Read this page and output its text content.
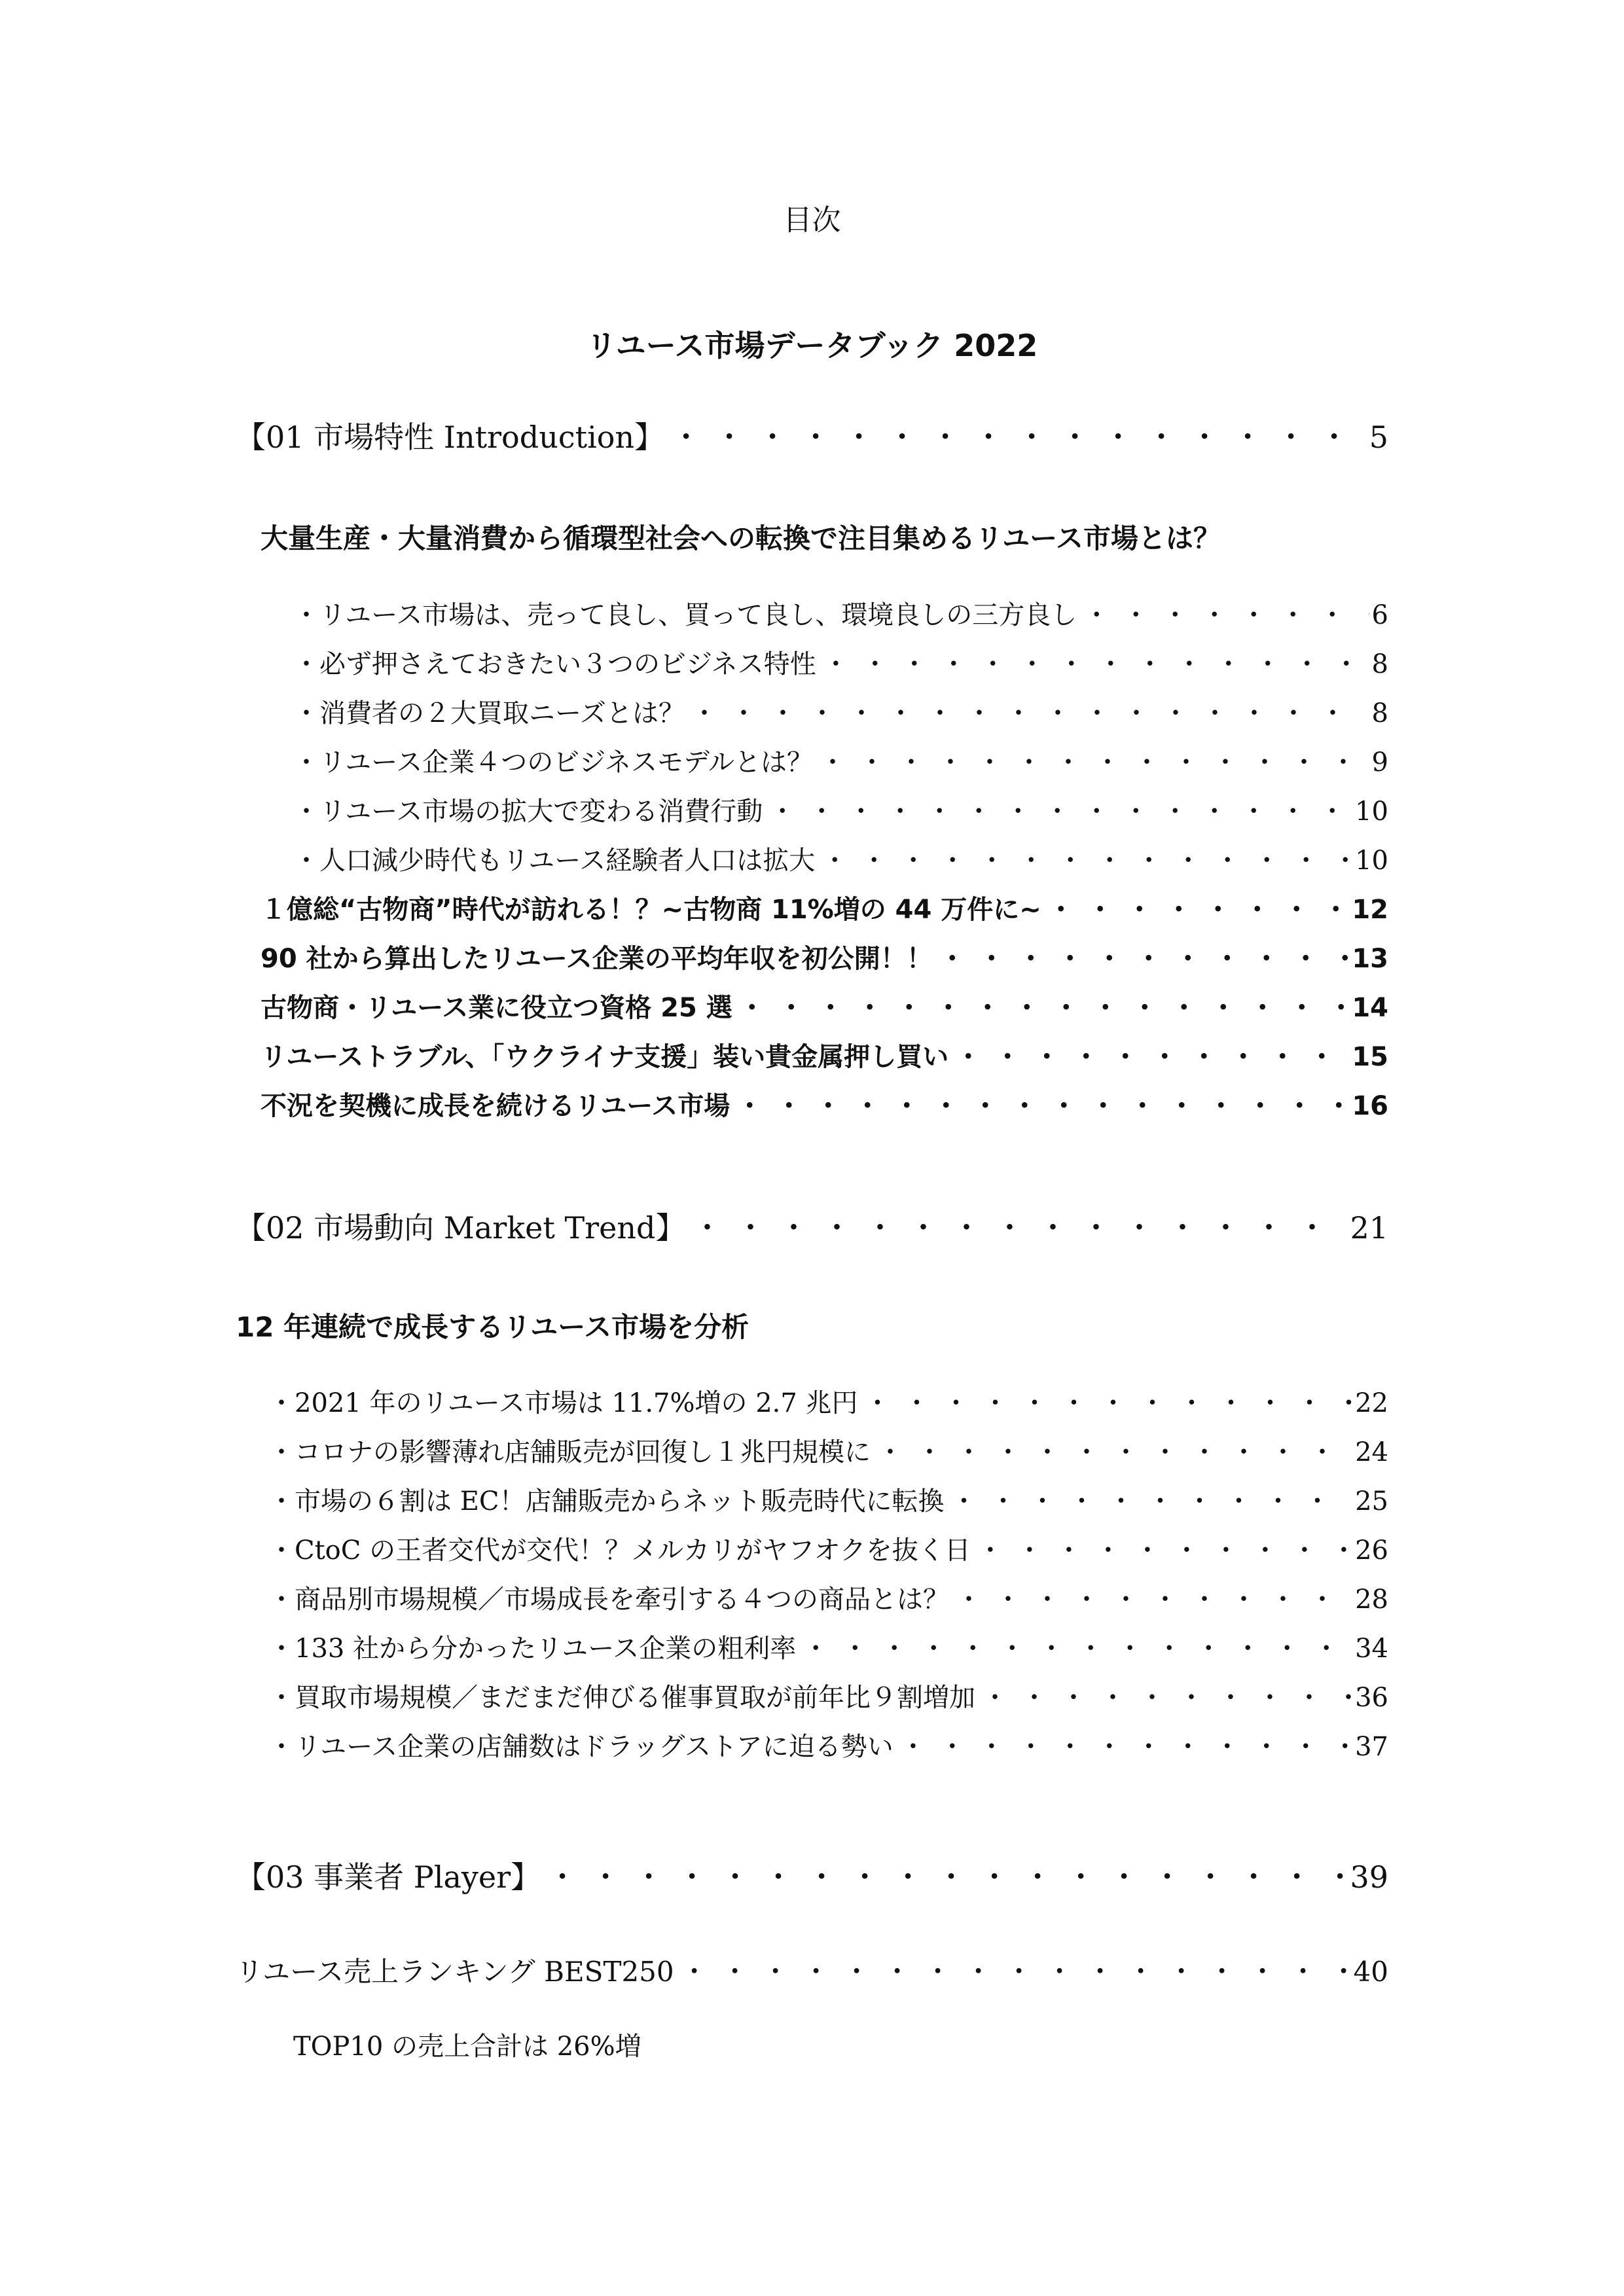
目次
リユース市場データブック 2022
【01 市場特性 Introduction】 ・・・・・・・・・・・・・・・・・・・・・・・・・・・・・・・・・・・・・・・・・・・・・・・・・・・・・・・・・・・・・・・・・・・・・・・・	5
大量生産・大量消費から循環型社会への転換で注目集めるリユース市場とは？
・リユース市場は、売って良し、買って良し、環境良しの三方良し ・・・・・・・・・・・・・・・・・・・・・・・・・・・・・・・・・・・・・・・・・・・・・・・・・・・・・・・・・・・・・・・・・・・・・・・・	6
・必ず押さえておきたい３つのビジネス特性 ・・・・・・・・・・・・・・・・・・・・・・・・・・・・・・・・・・・・・・・・・・・・・・・・・・・・・・・・・・・・・・・・・・・・・・・・	8
・消費者の２大買取ニーズとは？ ・・・・・・・・・・・・・・・・・・・・・・・・・・・・・・・・・・・・・・・・・・・・・・・・・・・・・・・・・・・・・・・・・・・・・・・・	8
・リユース企業４つのビジネスモデルとは？ ・・・・・・・・・・・・・・・・・・・・・・・・・・・・・・・・・・・・・・・・・・・・・・・・・・・・・・・・・・・・・・・・・・・・・・・・	9
・リユース市場の拡大で変わる消費行動 ・・・・・・・・・・・・・・・・・・・・・・・・・・・・・・・・・・・・・・・・・・・・・・・・・・・・・・・・・・・・・・・・・・・・・・・・	10
・人口減少時代もリユース経験者人口は拡大 ・・・・・・・・・・・・・・・・・・・・・・・・・・・・・・・・・・・・・・・・・・・・・・・・・・・・・・・・・・・・・・・・・・・・・・・・	10
１億総“古物商”時代が訪れる！？~古物商 11%増の 44 万件に~ ・・・・・・・・・・・・・・・・・・・・・・・・・・・・・・・・・・・・・・・・・・・・・・・・・・・・・・・・・・・・・・・・・・・・・・・・	12
90 社から算出したリユース企業の平均年収を初公開！！ ・・・・・・・・・・・・・・・・・・・・・・・・・・・・・・・・・・・・・・・・・・・・・・・・・・・・・・・・・・・・・・・・・・・・・・・・	13
古物商・リユース業に役立つ資格 25 選 ・・・・・・・・・・・・・・・・・・・・・・・・・・・・・・・・・・・・・・・・・・・・・・・・・・・・・・・・・・・・・・・・・・・・・・・・	14
リユーストラブル、「ウクライナ支援」装い貴金属押し買い ・・・・・・・・・・・・・・・・・・・・・・・・・・・・・・・・・・・・・・・・・・・・・・・・・・・・・・・・・・・・・・・・・・・・・・・・	15
不況を契機に成長を続けるリユース市場 ・・・・・・・・・・・・・・・・・・・・・・・・・・・・・・・・・・・・・・・・・・・・・・・・・・・・・・・・・・・・・・・・・・・・・・・・	16
【02 市場動向 Market Trend】 ・・・・・・・・・・・・・・・・・・・・・・・・・・・・・・・・・・・・・・・・・・・・・・・・・・・・・・・・・・・・・・・・・・・・・・・・	21
12 年連続で成長するリユース市場を分析
・2021 年のリユース市場は 11.7%増の 2.7 兆円 ・・・・・・・・・・・・・・・・・・・・・・・・・・・・・・・・・・・・・・・・・・・・・・・・・・・・・・・・・・・・・・・・・・・・・・・・	22
・コロナの影響薄れ店舗販売が回復し１兆円規模に ・・・・・・・・・・・・・・・・・・・・・・・・・・・・・・・・・・・・・・・・・・・・・・・・・・・・・・・・・・・・・・・・・・・・・・・・	24
・市場の６割は EC！店舗販売からネット販売時代に転換 ・・・・・・・・・・・・・・・・・・・・・・・・・・・・・・・・・・・・・・・・・・・・・・・・・・・・・・・・・・・・・・・・・・・・・・・・	25
・CtoC の王者交代が交代！？メルカリがヤフオクを抜く日 ・・・・・・・・・・・・・・・・・・・・・・・・・・・・・・・・・・・・・・・・・・・・・・・・・・・・・・・・・・・・・・・・・・・・・・・・	26
・商品別市場規模／市場成長を牽引する４つの商品とは？ ・・・・・・・・・・・・・・・・・・・・・・・・・・・・・・・・・・・・・・・・・・・・・・・・・・・・・・・・・・・・・・・・・・・・・・・・	28
・133 社から分かったリユース企業の粗利率 ・・・・・・・・・・・・・・・・・・・・・・・・・・・・・・・・・・・・・・・・・・・・・・・・・・・・・・・・・・・・・・・・・・・・・・・・	34
・買取市場規模／まだまだ伸びる催事買取が前年比９割増加 ・・・・・・・・・・・・・・・・・・・・・・・・・・・・・・・・・・・・・・・・・・・・・・・・・・・・・・・・・・・・・・・・・・・・・・・・	36
・リユース企業の店舗数はドラッグストアに迫る勢い ・・・・・・・・・・・・・・・・・・・・・・・・・・・・・・・・・・・・・・・・・・・・・・・・・・・・・・・・・・・・・・・・・・・・・・・・	37
【03 事業者 Player】 ・・・・・・・・・・・・・・・・・・・・・・・・・・・・・・・・・・・・・・・・・・・・・・・・・・・・・・・・・・・・・・・・・・・・・・・・	39
リユース売上ランキング BEST250 ・・・・・・・・・・・・・・・・・・・・・・・・・・・・・・・・・・・・・・・・・・・・・・・・・・・・・・・・・・・・・・・・・・・・・・・・	40
TOP10 の売上合計は 26%増
